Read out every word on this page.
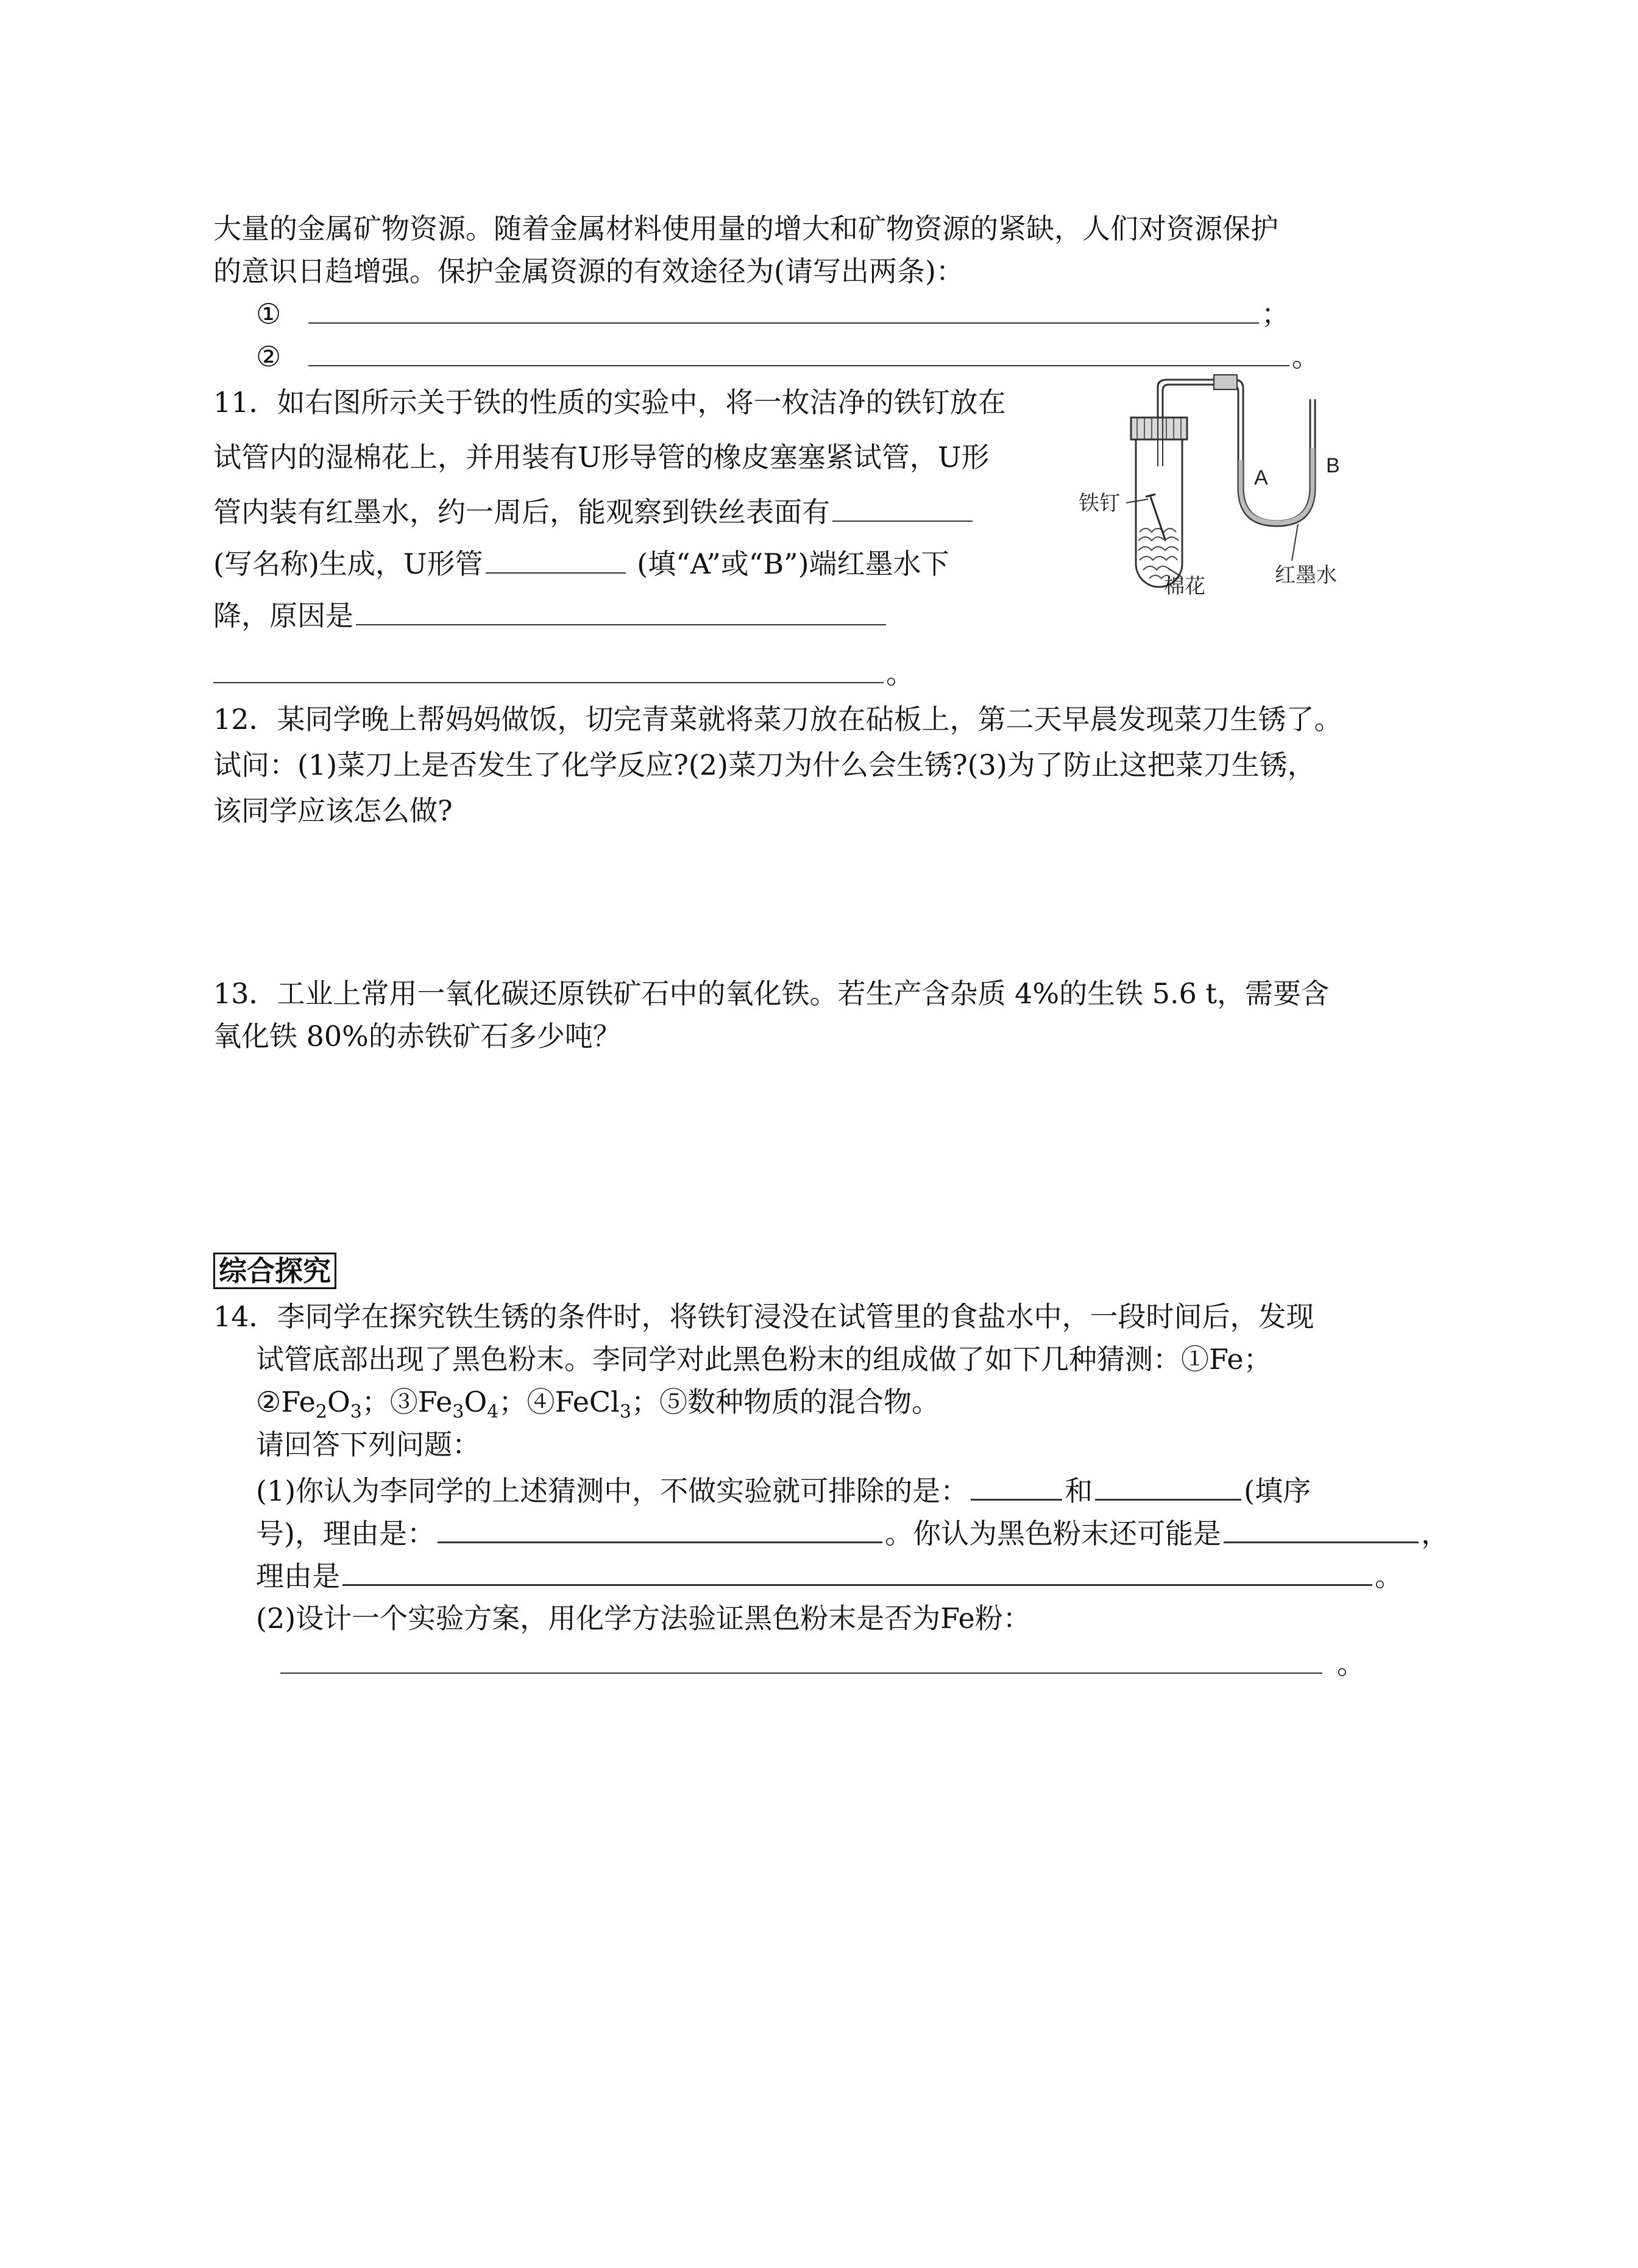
大量的金属矿物资源。随着金属材料使用量的增大和矿物资源的紧缺，人们对资源保护
的意识日趋增强。保护金属资源的有效途径为(请写出两条)：
①	；
②	。
11．如右图所示关于铁的性质的实验中，将一枚洁净的铁钉放在
试管内的湿棉花上，并用装有U形导管的橡皮塞塞紧试管，U形
管内装有红墨水，约一周后，能观察到铁丝表面有
(写名称)生成，U形管	(填“A”或“B”)端红墨水下
降，原因是
。
A
B
铁钉
棉花	红墨水
12．某同学晚上帮妈妈做饭，切完青菜就将菜刀放在砧板上，第二天早晨发现菜刀生锈了。
试问：(1)菜刀上是否发生了化学反应?(2)菜刀为什么会生锈?(3)为了防止这把菜刀生锈，
该同学应该怎么做?
13．工业上常用一氧化碳还原铁矿石中的氧化铁。若生产含杂质 4%的生铁 5.6 t，需要含
氧化铁 80%的赤铁矿石多少吨？
综合探究
14．李同学在探究铁生锈的条件时，将铁钉浸没在试管里的食盐水中，一段时间后，发现
试管底部出现了黑色粉末。李同学对此黑色粉末的组成做了如下几种猜测：①Fe；
$②Fe_2O_3$；$③Fe_3O_4$；④FeCl$_3$；⑤数种物质的混合物。
请回答下列问题：
(1)你认为李同学的上述猜测中，不做实验就可排除的是：	和	(填序
号)，理由是：	。你认为黑色粉末还可能是	，
理由是	。
(2)设计一个实验方案，用化学方法验证黑色粉末是否为Fe粉：
。
